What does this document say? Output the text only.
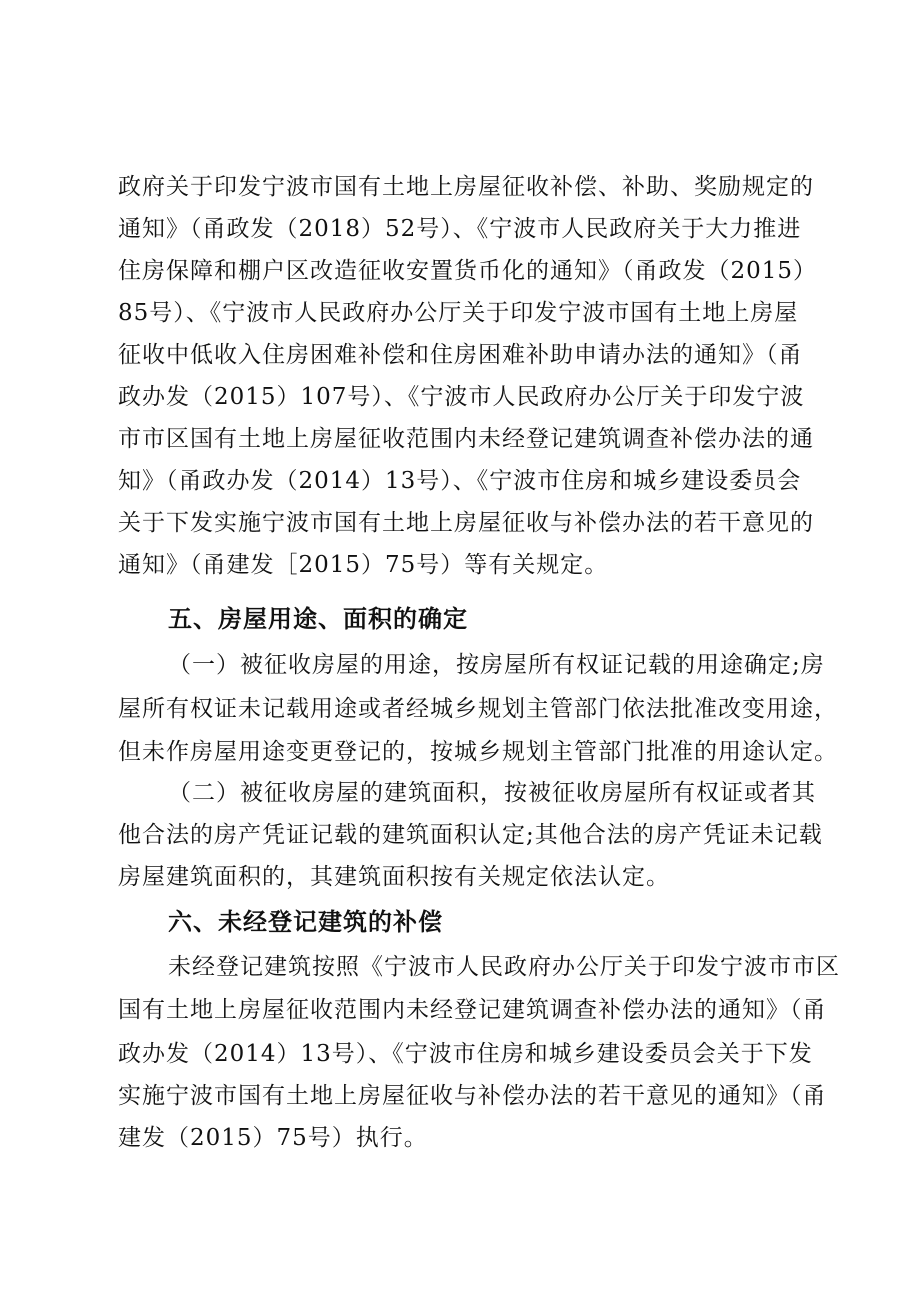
政府关于印发宁波市国有土地上房屋征收补偿、补助、奖励规定的
通知》（甬政发（2018）52号）、《宁波市人民政府关于大力推进
住房保障和棚户区改造征收安置货币化的通知》（甬政发（2015）
85号）、《宁波市人民政府办公厅关于印发宁波市国有土地上房屋
征收中低收入住房困难补偿和住房困难补助申请办法的通知》（甬
政办发（2015）107号）、《宁波市人民政府办公厅关于印发宁波
市市区国有土地上房屋征收范围内未经登记建筑调查补偿办法的通
知》（甬政办发（2014）13号）、《宁波市住房和城乡建设委员会
关于下发实施宁波市国有土地上房屋征收与补偿办法的若干意见的
通知》（甬建发［2015）75号）等有关规定。
五、房屋用途、面积的确定
（一）被征收房屋的用途，按房屋所有权证记载的用途确定;房
屋所有权证未记载用途或者经城乡规划主管部门依法批准改变用途，
但未作房屋用途变更登记的，按城乡规划主管部门批准的用途认定。
（二）被征收房屋的建筑面积，按被征收房屋所有权证或者其
他合法的房产凭证记载的建筑面积认定;其他合法的房产凭证未记载
房屋建筑面积的，其建筑面积按有关规定依法认定。
六、未经登记建筑的补偿
未经登记建筑按照《宁波市人民政府办公厅关于印发宁波市市区
国有土地上房屋征收范围内未经登记建筑调查补偿办法的通知》（甬
政办发（2014）13号）、《宁波市住房和城乡建设委员会关于下发
实施宁波市国有土地上房屋征收与补偿办法的若干意见的通知》（甬
建发（2015）75号）执行。
